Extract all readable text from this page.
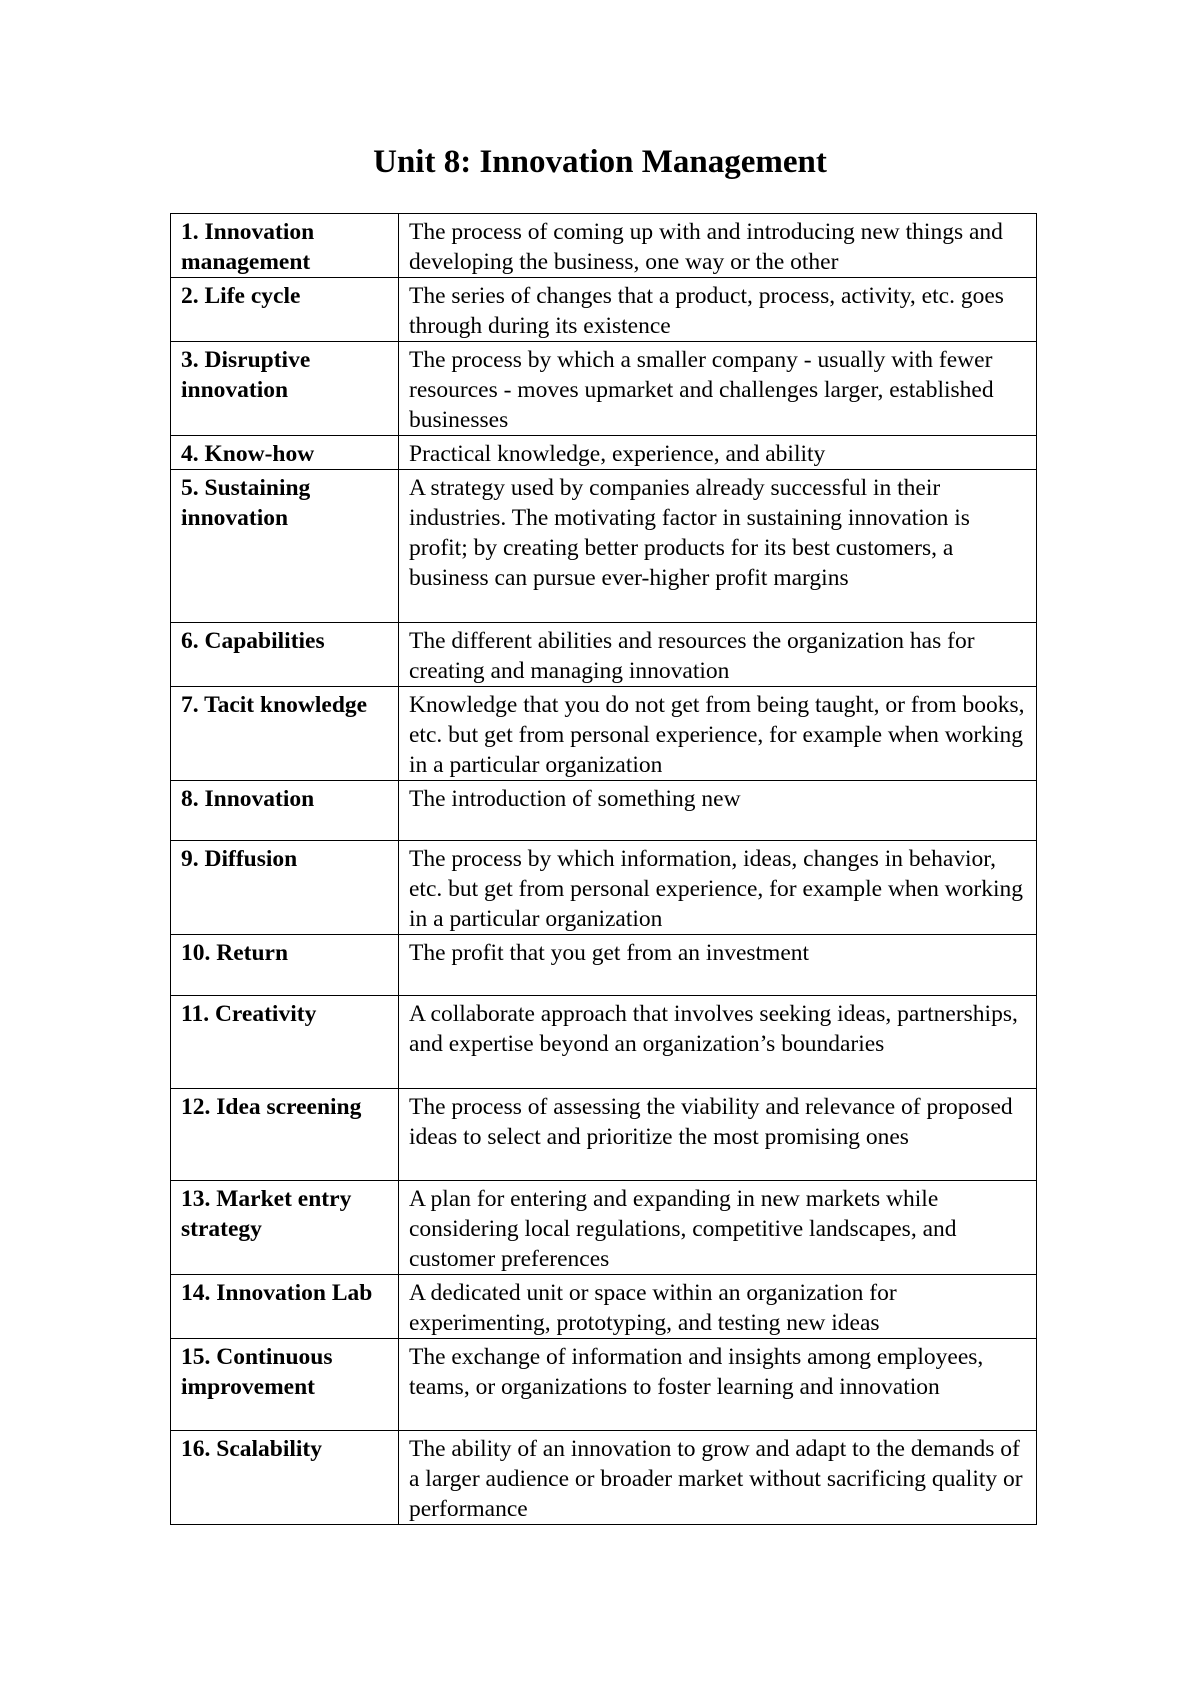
Unit 8: Innovation Management
1. Innovation management	The process of coming up with and introducing new things and developing the business, one way or the other
2. Life cycle	The series of changes that a product, process, activity, etc. goes through during its existence
3. Disruptive innovation	The process by which a smaller company - usually with fewer resources - moves upmarket and challenges larger, established businesses
4. Know-how	Practical knowledge, experience, and ability
5. Sustaining innovation	A strategy used by companies already successful in their industries. The motivating factor in sustaining innovation is profit; by creating better products for its best customers, a business can pursue ever-higher profit margins
6. Capabilities	The different abilities and resources the organization has for creating and managing innovation
7. Tacit knowledge	Knowledge that you do not get from being taught, or from books, etc. but get from personal experience, for example when working in a particular organization
8. Innovation	The introduction of something new
9. Diffusion	The process by which information, ideas, changes in behavior, etc. but get from personal experience, for example when working in a particular organization
10. Return	The profit that you get from an investment
11. Creativity	A collaborate approach that involves seeking ideas, partnerships, and expertise beyond an organization’s boundaries
12. Idea screening	The process of assessing the viability and relevance of proposed ideas to select and prioritize the most promising ones
13. Market entry strategy	A plan for entering and expanding in new markets while considering local regulations, competitive landscapes, and customer preferences
14. Innovation Lab	A dedicated unit or space within an organization for experimenting, prototyping, and testing new ideas
15. Continuous improvement	The exchange of information and insights among employees, teams, or organizations to foster learning and innovation
16. Scalability	The ability of an innovation to grow and adapt to the demands of a larger audience or broader market without sacrificing quality or performance
